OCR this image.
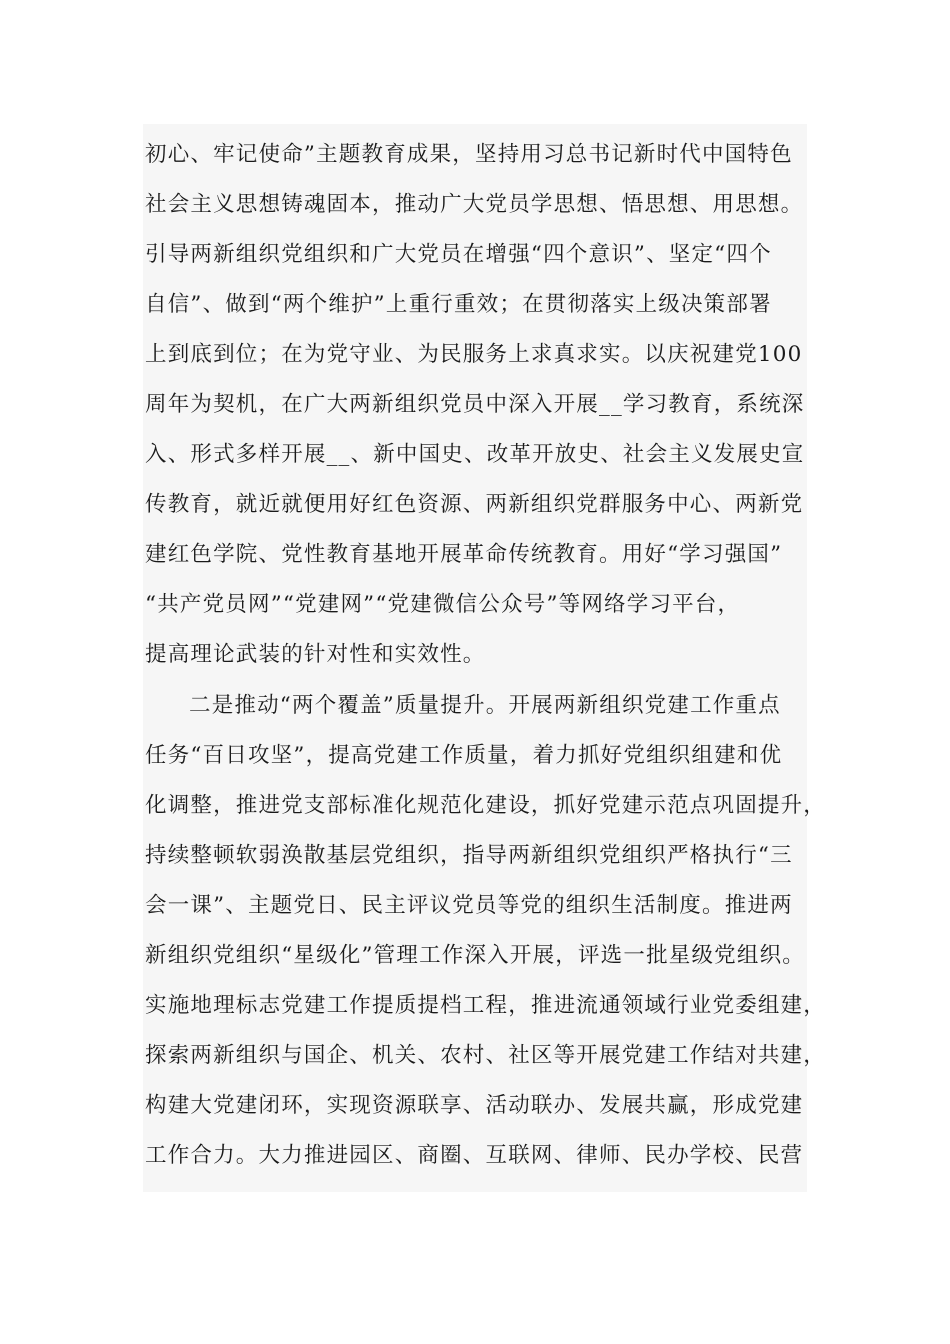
初心、牢记使命”主题教育成果，坚持用习总书记新时代中国特色
社会主义思想铸魂固本，推动广大党员学思想、悟思想、用思想。
引导两新组织党组织和广大党员在增强“四个意识”、坚定“四个
自信”、做到“两个维护”上重行重效；在贯彻落实上级决策部署
上到底到位；在为党守业、为民服务上求真求实。以庆祝建党100
周年为契机，在广大两新组织党员中深入开展__学习教育，系统深
入、形式多样开展__、新中国史、改革开放史、社会主义发展史宣
传教育，就近就便用好红色资源、两新组织党群服务中心、两新党
建红色学院、党性教育基地开展革命传统教育。用好“学习强国”
“共产党员网”“党建网”“党建微信公众号”等网络学习平台，
提高理论武装的针对性和实效性。
二是推动“两个覆盖”质量提升。开展两新组织党建工作重点
任务“百日攻坚”，提高党建工作质量，着力抓好党组织组建和优
化调整，推进党支部标准化规范化建设，抓好党建示范点巩固提升，
持续整顿软弱涣散基层党组织，指导两新组织党组织严格执行“三
会一课”、主题党日、民主评议党员等党的组织生活制度。推进两
新组织党组织“星级化”管理工作深入开展，评选一批星级党组织。
实施地理标志党建工作提质提档工程，推进流通领域行业党委组建，
探索两新组织与国企、机关、农村、社区等开展党建工作结对共建，
构建大党建闭环，实现资源联享、活动联办、发展共赢，形成党建
工作合力。大力推进园区、商圈、互联网、律师、民办学校、民营
